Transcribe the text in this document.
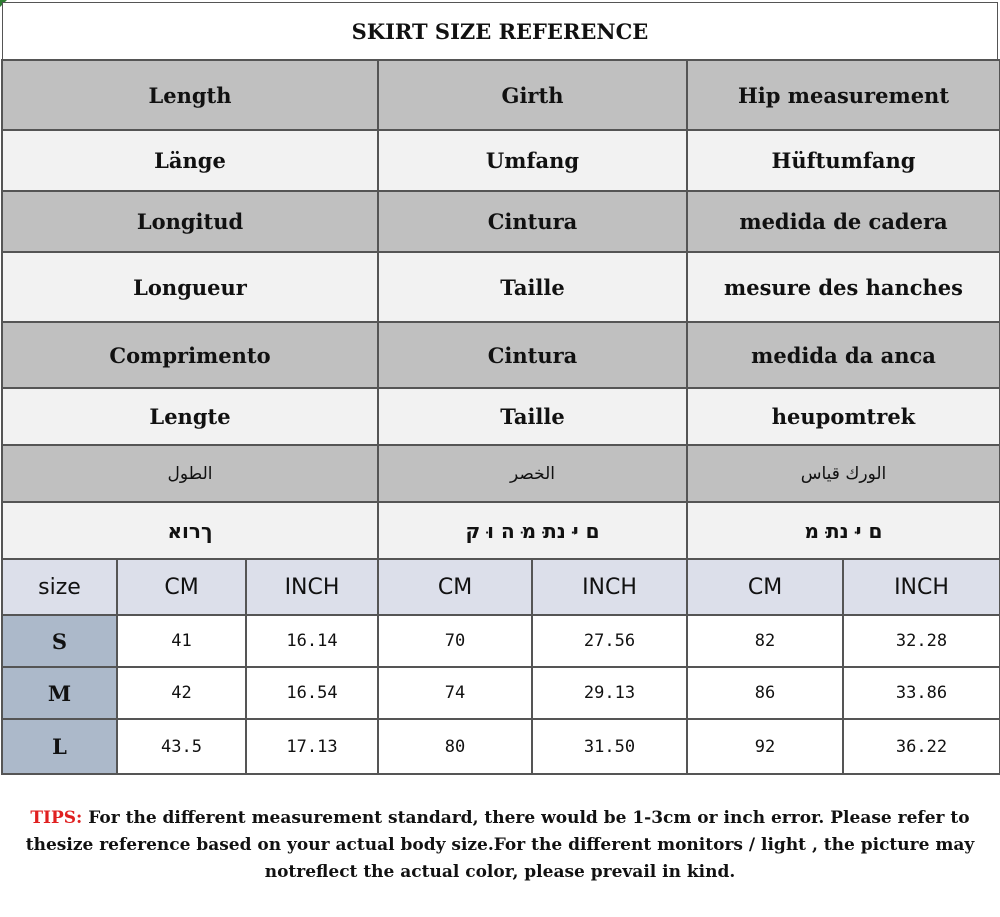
SKIRT SIZE REFERENCE
Length	Girth	Hip measurement
Länge	Umfang	Hüftumfang
Longitud	Cintura	medida de cadera
Longueur	Taille	mesure des hanches
Comprimento	Cintura	medida da anca
Lengte	Taille	heupomtrek
الطول	الخصر	الورك قياس
ךרוא	ם י ּנת ּמ ּה ו ּק	ם י ּנת ּמ
size	CM	INCH	CM	INCH	CM	INCH
S	41	16.14	70	27.56	82	32.28
M	42	16.54	74	29.13	86	33.86
L	43.5	17.13	80	31.50	92	36.22
TIPS: For the different measurement standard, there would be 1-3cm or inch error. Please refer to thesize reference based on your actual body size.For the different monitors / light , the picture may notreflect the actual color, please prevail in kind.
